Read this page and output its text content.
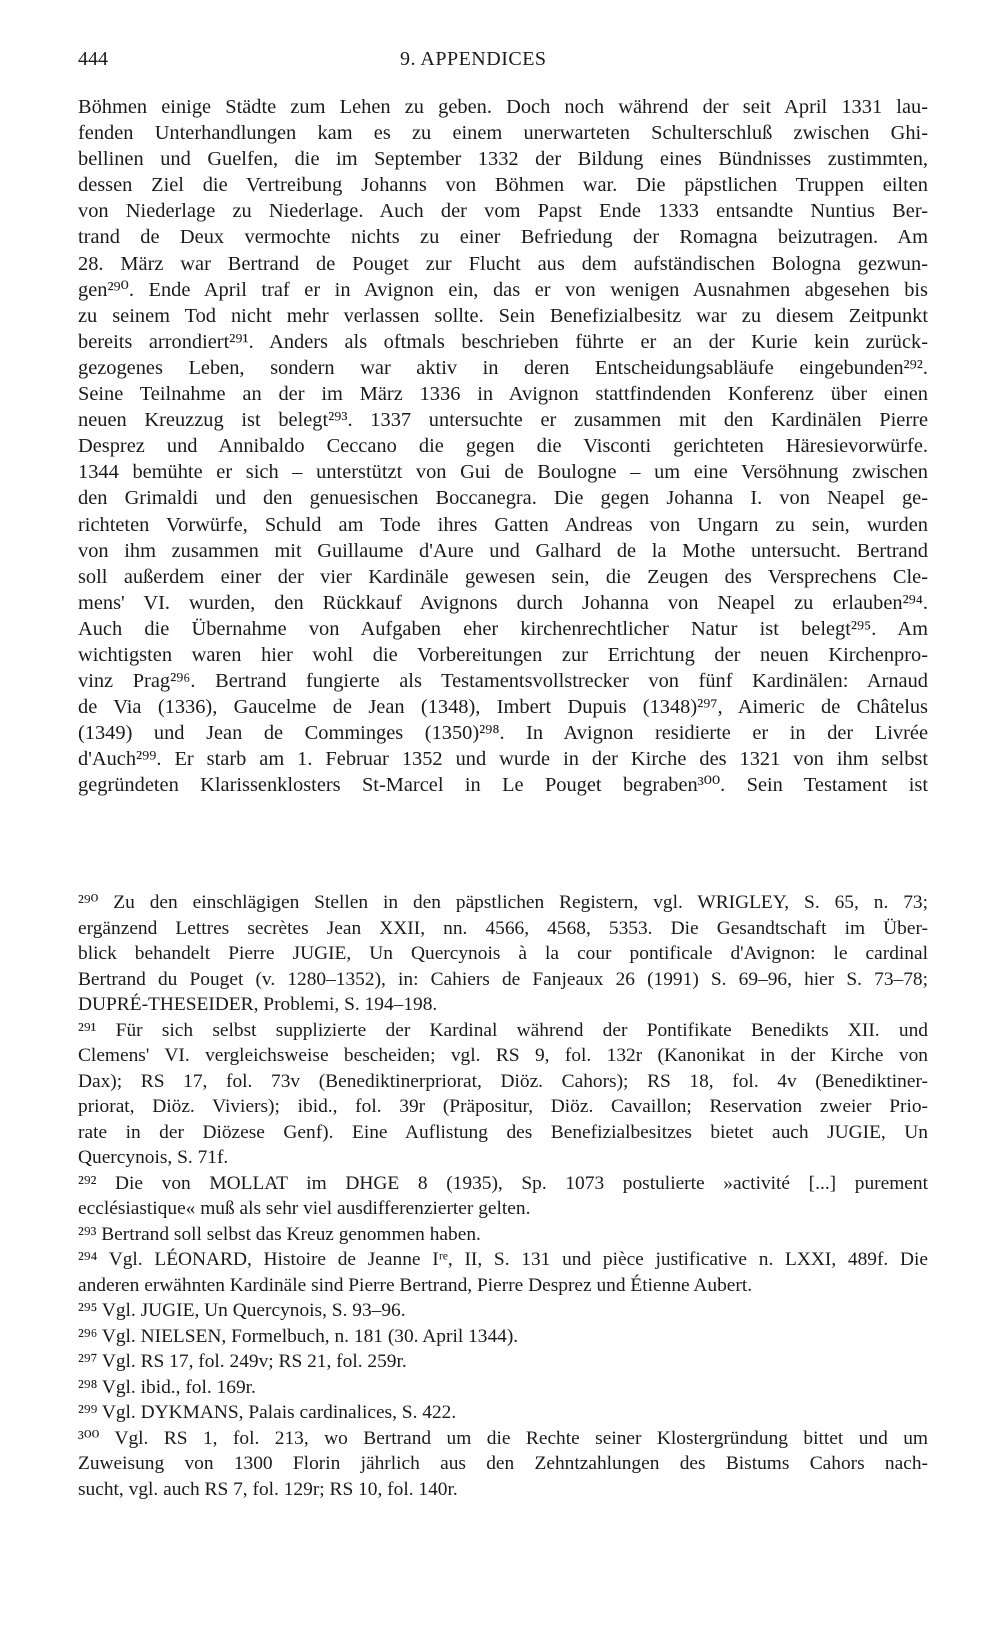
444	9. APPENDICES
Böhmen einige Städte zum Lehen zu geben. Doch noch während der seit April 1331 lau-
fenden Unterhandlungen kam es zu einem unerwarteten Schulterschluß zwischen Ghi-
bellinen und Guelfen, die im September 1332 der Bildung eines Bündnisses zustimmten,
dessen Ziel die Vertreibung Johanns von Böhmen war. Die päpstlichen Truppen eilten
von Niederlage zu Niederlage. Auch der vom Papst Ende 1333 entsandte Nuntius Ber-
trand de Deux vermochte nichts zu einer Befriedung der Romagna beizutragen. Am
28. März war Bertrand de Pouget zur Flucht aus dem aufständischen Bologna gezwun-
gen²⁹⁰. Ende April traf er in Avignon ein, das er von wenigen Ausnahmen abgesehen bis
zu seinem Tod nicht mehr verlassen sollte. Sein Benefizialbesitz war zu diesem Zeitpunkt
bereits arrondiert²⁹¹. Anders als oftmals beschrieben führte er an der Kurie kein zurück-
gezogenes Leben, sondern war aktiv in deren Entscheidungsabläufe eingebunden²⁹².
Seine Teilnahme an der im März 1336 in Avignon stattfindenden Konferenz über einen
neuen Kreuzzug ist belegt²⁹³. 1337 untersuchte er zusammen mit den Kardinälen Pierre
Desprez und Annibaldo Ceccano die gegen die Visconti gerichteten Häresievorwürfe.
1344 bemühte er sich – unterstützt von Gui de Boulogne – um eine Versöhnung zwischen
den Grimaldi und den genuesischen Boccanegra. Die gegen Johanna I. von Neapel ge-
richteten Vorwürfe, Schuld am Tode ihres Gatten Andreas von Ungarn zu sein, wurden
von ihm zusammen mit Guillaume d'Aure und Galhard de la Mothe untersucht. Bertrand
soll außerdem einer der vier Kardinäle gewesen sein, die Zeugen des Versprechens Cle-
mens' VI. wurden, den Rückkauf Avignons durch Johanna von Neapel zu erlauben²⁹⁴.
Auch die Übernahme von Aufgaben eher kirchenrechtlicher Natur ist belegt²⁹⁵. Am
wichtigsten waren hier wohl die Vorbereitungen zur Errichtung der neuen Kirchenpro-
vinz Prag²⁹⁶. Bertrand fungierte als Testamentsvollstrecker von fünf Kardinälen: Arnaud
de Via (1336), Gaucelme de Jean (1348), Imbert Dupuis (1348)²⁹⁷, Aimeric de Châtelus
(1349) und Jean de Comminges (1350)²⁹⁸. In Avignon residierte er in der Livrée
d'Auch²⁹⁹. Er starb am 1. Februar 1352 und wurde in der Kirche des 1321 von ihm selbst
gegründeten Klarissenklosters St-Marcel in Le Pouget begraben³⁰⁰. Sein Testament ist
²⁹⁰ Zu den einschlägigen Stellen in den päpstlichen Registern, vgl. WRIGLEY, S. 65, n. 73;
ergänzend Lettres secrètes Jean XXII, nn. 4566, 4568, 5353. Die Gesandtschaft im Über-
blick behandelt Pierre JUGIE, Un Quercynois à la cour pontificale d'Avignon: le cardinal
Bertrand du Pouget (v. 1280–1352), in: Cahiers de Fanjeaux 26 (1991) S. 69–96, hier S. 73–78;
DUPRÉ-THESEIDER, Problemi, S. 194–198.
²⁹¹ Für sich selbst supplizierte der Kardinal während der Pontifikate Benedikts XII. und
Clemens' VI. vergleichsweise bescheiden; vgl. RS 9, fol. 132r (Kanonikat in der Kirche von
Dax); RS 17, fol. 73v (Benediktinerpriorat, Diöz. Cahors); RS 18, fol. 4v (Benediktiner-
priorat, Diöz. Viviers); ibid., fol. 39r (Präpositur, Diöz. Cavaillon; Reservation zweier Prio-
rate in der Diözese Genf). Eine Auflistung des Benefizialbesitzes bietet auch JUGIE, Un
Quercynois, S. 71f.
²⁹² Die von MOLLAT im DHGE 8 (1935), Sp. 1073 postulierte »activité [...] purement
ecclésiastique« muß als sehr viel ausdifferenzierter gelten.
²⁹³ Bertrand soll selbst das Kreuz genommen haben.
²⁹⁴ Vgl. LÉONARD, Histoire de Jeanne Iʳᵉ, II, S. 131 und pièce justificative n. LXXI, 489f. Die
anderen erwähnten Kardinäle sind Pierre Bertrand, Pierre Desprez und Étienne Aubert.
²⁹⁵ Vgl. JUGIE, Un Quercynois, S. 93–96.
²⁹⁶ Vgl. NIELSEN, Formelbuch, n. 181 (30. April 1344).
²⁹⁷ Vgl. RS 17, fol. 249v; RS 21, fol. 259r.
²⁹⁸ Vgl. ibid., fol. 169r.
²⁹⁹ Vgl. DYKMANS, Palais cardinalices, S. 422.
³⁰⁰ Vgl. RS 1, fol. 213, wo Bertrand um die Rechte seiner Klostergründung bittet und um
Zuweisung von 1300 Florin jährlich aus den Zehntzahlungen des Bistums Cahors nach-
sucht, vgl. auch RS 7, fol. 129r; RS 10, fol. 140r.
